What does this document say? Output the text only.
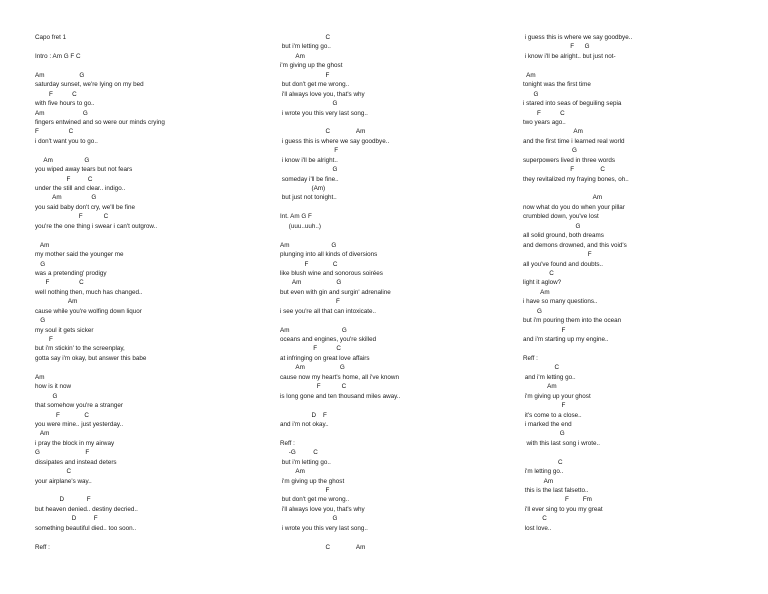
Capo fret 1
Intro : Am G F C
Am                    G
saturday sunset, we're lying on my bed
F           C
with five hours to go..
Am                      G
fingers entwined and so were our minds crying
F                 C
i don't want you to go..
Am                  G
you wiped away tears but not fears
F          C
under the still and clear.. indigo..
Am                 G
you said baby don't cry, we'll be fine
F            C
you're the one thing i swear i can't outgrow..
Am
my mother said the younger me
G
was a pretending' prodigy
F                 C
well nothing then, much has changed..
Am
cause while you're wolfing down liquor
G
my soul it gets sicker
F
but i'm stickin' to the screenplay,
gotta say i'm okay, but answer this babe
Am
how is it now
G
that somehow you're a stranger
F              C
you were mine.. just yesterday..
Am
i pray the block in my airway
G                          F
dissipates and instead deters
C
your airplane's way..
D             F
but heaven denied.. destiny decried..
D          F
something beautiful died.. too soon..
Reff :
C
but i'm letting go..
Am
i'm giving up the ghost
F
but don't get me wrong..
i'll always love you, that's why
G
i wrote you this very last song..
C               Am
i guess this is where we say goodbye..
F
i know i'll be alright..
G
someday i'll be fine..
(Am)
but just not tonight..
Int. Am G F
(uuu..uuh..)
Am                        G
plunging into all kinds of diversions
F              C
like blush wine and sonorous soirées
Am                    G
but even with gin and surgin' adrenaline
F
i see you're all that can intoxicate..
Am                              G
oceans and engines, you're skilled
F           C
at infringing on great love affairs
Am                    G
cause now my heart's home, all i've known
F            C
is long gone and ten thousand miles away..
D    F
and i'm not okay..
Reff :
-G          C
but i'm letting go..
Am
i'm giving up the ghost
F
but don't get me wrong..
i'll always love you, that's why
G
i wrote you this very last song..
C               Am
i guess this is where we say goodbye..
F      G
i know i'll be alright.. but just not-
Am
tonight was the first time
G
i stared into seas of beguiling sepia
F           C
two years ago..
Am
and the first time i learned real world
G
superpowers lived in three words
F               C
they revitalized my fraying bones, oh..
Am
now what do you do when your pillar
crumbled down, you've lost
G
all solid ground, both dreams
and demons drowned, and this void's
F
all you've found and doubts..
C
light it aglow?
Am
i have so many questions..
G
but i'm pouring them into the ocean
F
and i'm starting up my engine..
Reff :
C
and i'm letting go..
Am
i'm giving up your ghost
F
it's come to a close..
i marked the end
G
with this last song i wrote..
C
i'm letting go..
Am
this is the last falsetto..
F        Fm
i'll ever sing to you my great
C
lost love..
